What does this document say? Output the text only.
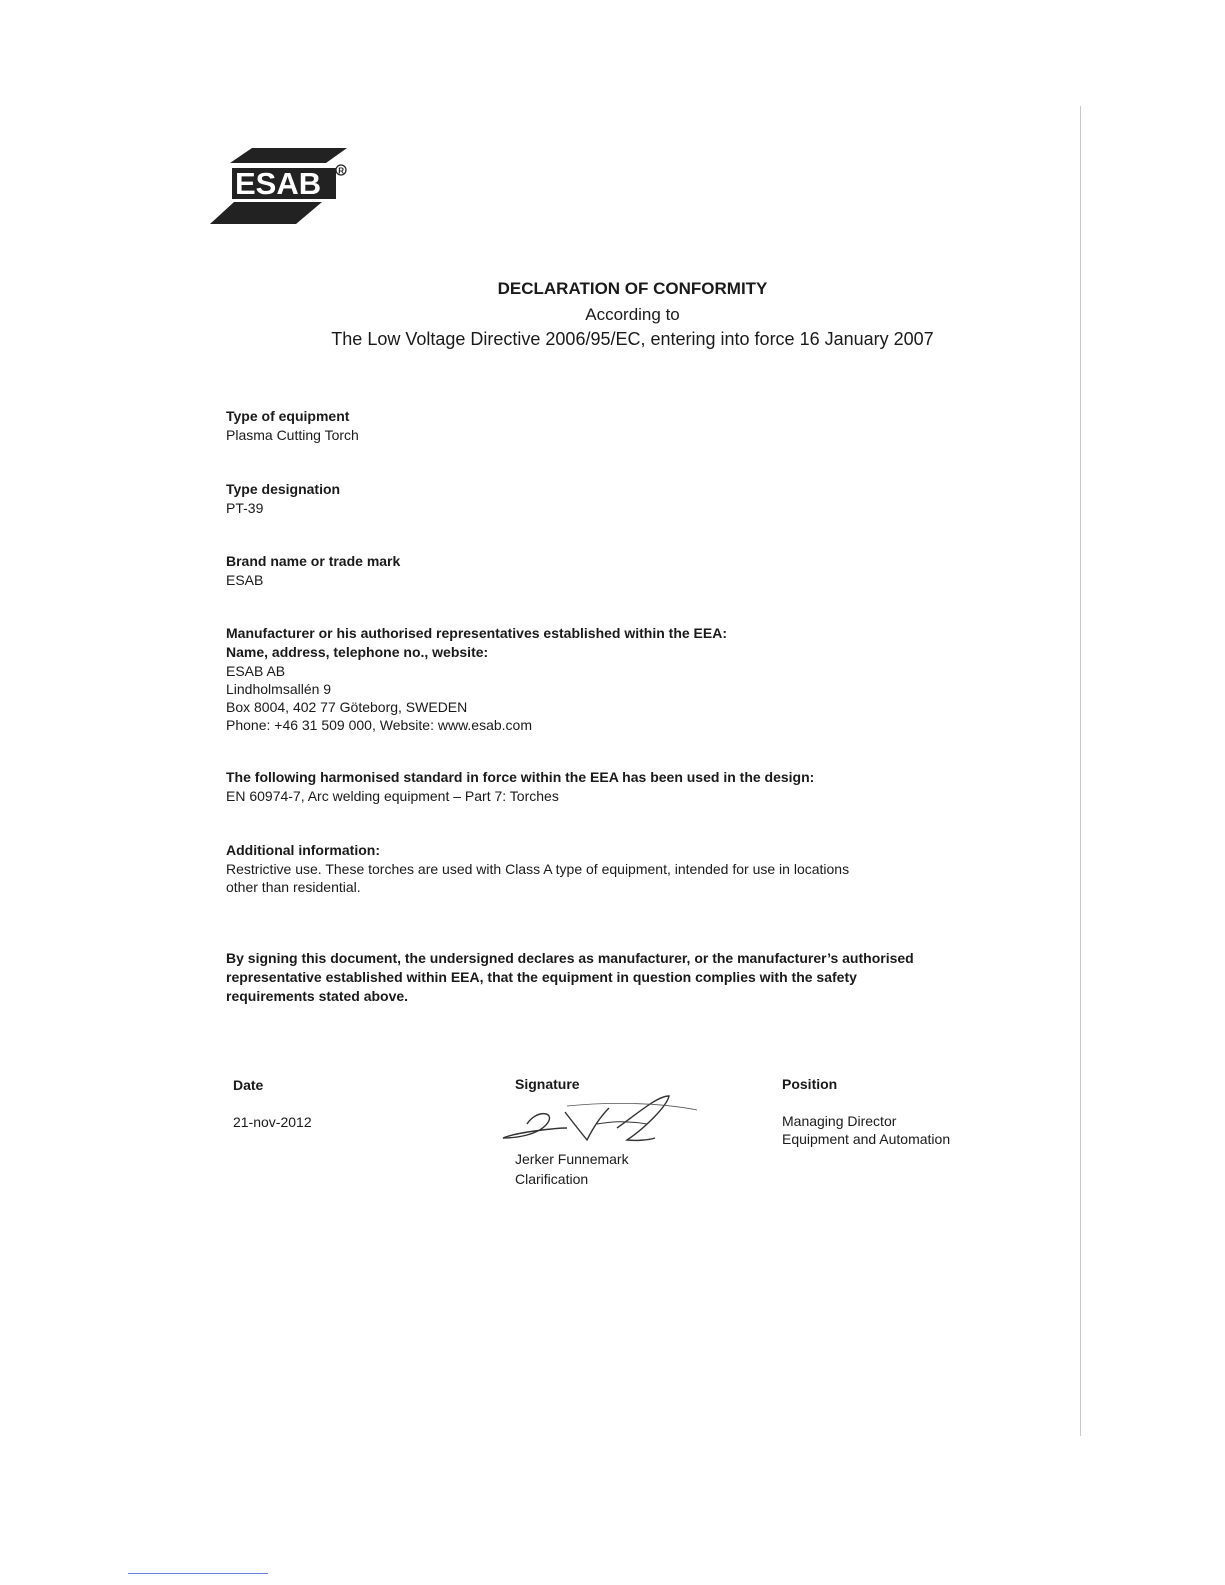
ESAB R
DECLARATION OF CONFORMITY
According to
The Low Voltage Directive 2006/95/EC, entering into force 16 January 2007
Type of equipment
Plasma Cutting Torch
Type designation
PT-39
Brand name or trade mark
ESAB
Manufacturer or his authorised representatives established within the EEA:
Name, address, telephone no., website:
ESAB AB
Lindholmsallén 9
Box 8004, 402 77 Göteborg, SWEDEN
Phone: +46 31 509 000, Website: www.esab.com
The following harmonised standard in force within the EEA has been used in the design:
EN 60974-7, Arc welding equipment – Part 7: Torches
Additional information:
Restrictive use. These torches are used with Class A type of equipment, intended for use in locations
other than residential.
By signing this document, the undersigned declares as manufacturer, or the manufacturer’s authorised
representative established within EEA, that the equipment in question complies with the safety
requirements stated above.
Date
21-nov-2012
Signature
Jerker Funnemark
Clarification
Position
Managing Director
Equipment and Automation
